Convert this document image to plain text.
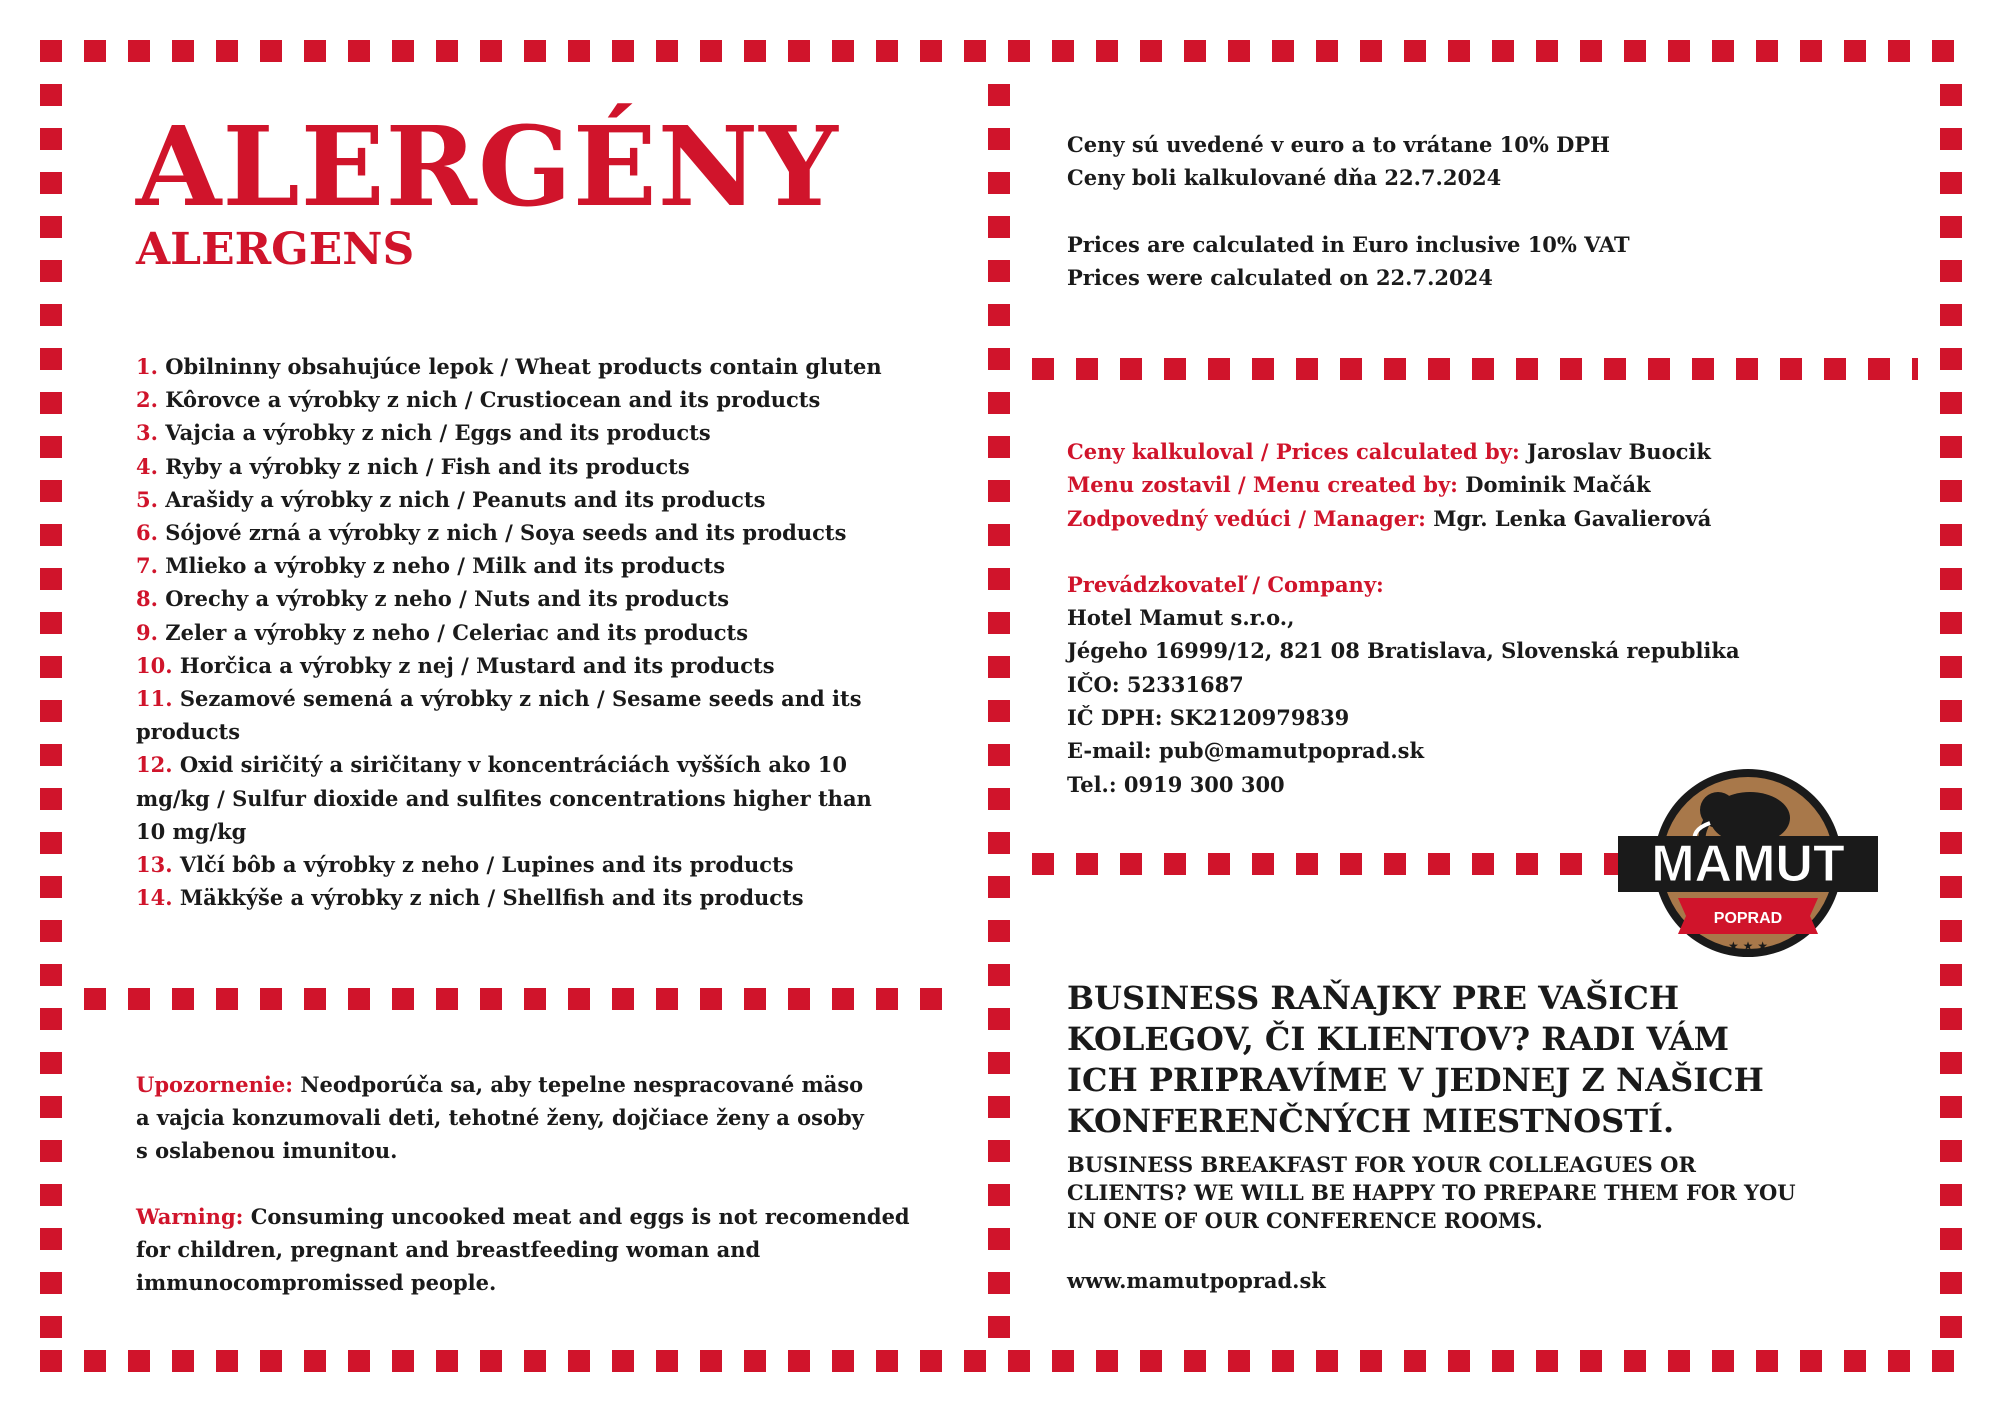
ALERGÉNY
ALERGENS
1. Obilninny obsahujúce lepok / Wheat products contain gluten
2. Kôrovce a výrobky z nich / Crustiocean and its products
3. Vajcia a výrobky z nich / Eggs and its products
4. Ryby a výrobky z nich / Fish and its products
5. Arašidy a výrobky z nich / Peanuts and its products
6. Sójové zrná a výrobky z nich / Soya seeds and its products
7. Mlieko a výrobky z neho / Milk and its products
8. Orechy a výrobky z neho / Nuts and its products
9. Zeler a výrobky z neho / Celeriac and its products
10. Horčica a výrobky z nej / Mustard and its products
11. Sezamové semená a výrobky z nich / Sesame seeds and its products
12. Oxid siričitý a siričitany v koncentráciách vyšších ako 10 mg/kg / Sulfur dioxide and sulfites concentrations higher than 10 mg/kg
13. Vlčí bôb a výrobky z neho / Lupines and its products
14. Mäkkýše a výrobky z nich / Shellfish and its products

Upozornenie: Neodporúča sa, aby tepelne nespracované mäso

a vajcia konzumovali deti, tehotné ženy, dojčiace ženy a osoby

s oslabenou imunitou.

Warning: Consuming uncooked meat and eggs is not recomended

for children, pregnant and breastfeeding woman and

immunocompromissed people.

Ceny sú uvedené v euro a to vrátane 10% DPH
Ceny boli kalkulované dňa 22.7.2024
Prices are calculated in Euro inclusive 10% VAT
Prices were calculated on 22.7.2024
Ceny kalkuloval / Prices calculated by: Jaroslav Buocik
Menu zostavil / Menu created by: Dominik Mačák
Zodpovedný vedúci / Manager: Mgr. Lenka Gavalierová
Prevádzkovateľ / Company:
Hotel Mamut s.r.o.,
Jégeho 16999/12, 821 08 Bratislava, Slovenská republika
IČO: 52331687
IČ DPH: SK2120979839
E-mail: pub@mamutpoprad.sk
Tel.: 0919 300 300
MAMUT
POPRAD
★ ★ ★

BUSINESS RAŇAJKY PRE VAŠICH KOLEGOV, ČI KLIENTOV? RADI VÁM ICH PRIPRAVÍME V JEDNEJ Z NAŠICH KONFERENČNÝCH MIESTNOSTÍ.

BUSINESS BREAKFAST FOR YOUR COLLEAGUES OR CLIENTS? WE WILL BE HAPPY TO PREPARE THEM FOR YOU IN ONE OF OUR CONFERENCE ROOMS.

www.mamutpoprad.sk
